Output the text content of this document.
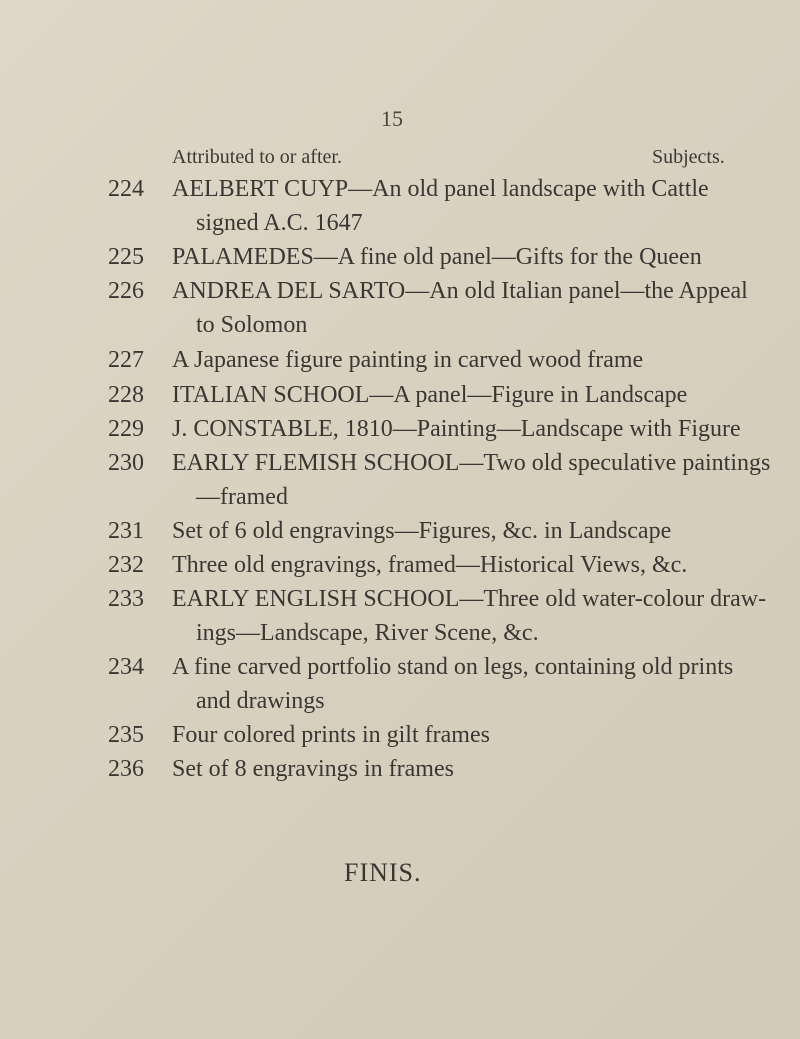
15
Attributed to or after.	Subjects.
224	AELBERT CUYP—An old panel landscape with Cattle
signed A.C. 1647
225	PALAMEDES—A fine old panel—Gifts for the Queen
226	ANDREA DEL SARTO—An old Italian panel—the Appeal
to Solomon
227	A Japanese figure painting in carved wood frame
228	ITALIAN SCHOOL—A panel—Figure in Landscape
229	J. CONSTABLE, 1810—Painting—Landscape with Figure
230	EARLY FLEMISH SCHOOL—Two old speculative paintings
—framed
231	Set of 6 old engravings—Figures, &c. in Landscape
232	Three old engravings, framed—Historical Views, &c.
233	EARLY ENGLISH SCHOOL—Three old water-colour draw-
ings—Landscape, River Scene, &c.
234	A fine carved portfolio stand on legs, containing old prints
and drawings
235	Four colored prints in gilt frames
236	Set of 8 engravings in frames
FINIS.
